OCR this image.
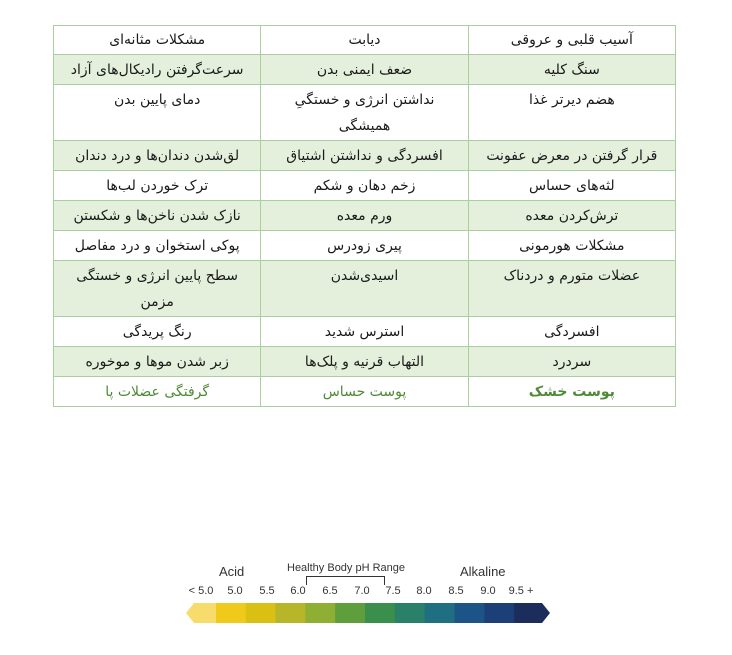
آسیب قلبی و عروقی	دیابت	مشکلات مثانه‌ای
سنگ کلیه	ضعف ایمنی بدن	سرعت‌گرفتن رادیکال‌های آزاد
هضم دیرتر غذا	نداشتن انرژی و خستگیِ همیشگی	دمای پایین بدن
قرار گرفتن در معرض عفونت	افسردگی و نداشتن اشتیاق	لق‌شدن دندان‌ها و درد دندان
لثه‌های حساس	زخم دهان و شکم	ترک خوردن لب‌ها
ترش‌کردن معده	ورم معده	نازک شدن ناخن‌ها و شکستن
مشکلات هورمونی	پیری زودرس	پوکی استخوان و درد مفاصل
عضلات متورم و دردناک	اسیدی‌شدن	سطح پایین انرژی و خستگی مزمن
افسردگی	استرس شدید	رنگ پریدگی
سردرد	التهاب قرنیه و پلک‌ها	زبر شدن موها و موخوره
پوست خشک	پوست حساس	گرفتگی عضلات پا
Acid	Healthy Body pH Range	Alkaline
< 5.0 5.0 5.5 6.0 6.5 7.0 7.5 8.0 8.5 9.0 9.5 +
